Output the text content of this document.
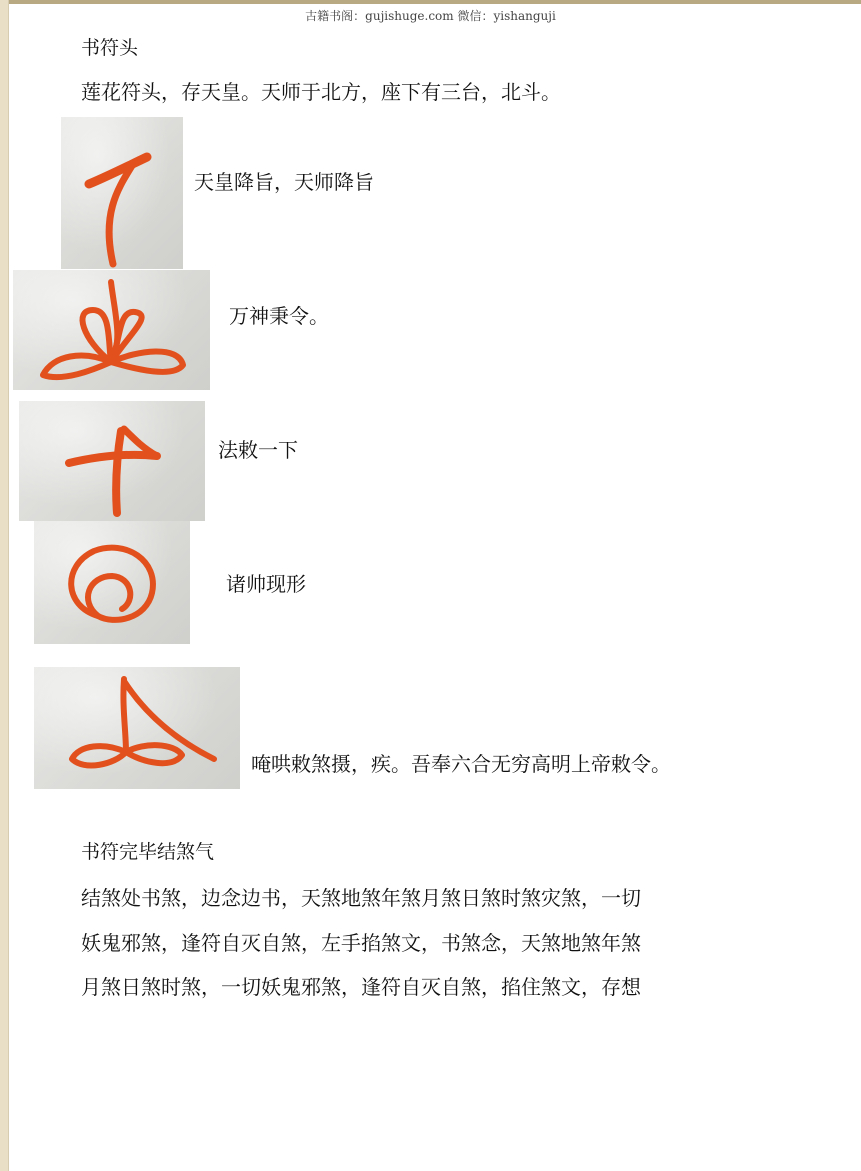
古籍书阁：gujishuge.com 微信：yishanguji
书符头
莲花符头，存天皇。天师于北方，座下有三台，北斗。
天皇降旨，天师降旨
万神秉令。
法敕一下
诸帅现形
唵哄敕煞摄，疾。吾奉六合无穷高明上帝敕令。
书符完毕结煞气
结煞处书煞，边念边书，天煞地煞年煞月煞日煞时煞灾煞，一切
妖鬼邪煞，逢符自灭自煞，左手掐煞文，书煞念，天煞地煞年煞
月煞日煞时煞，一切妖鬼邪煞，逢符自灭自煞，掐住煞文，存想
